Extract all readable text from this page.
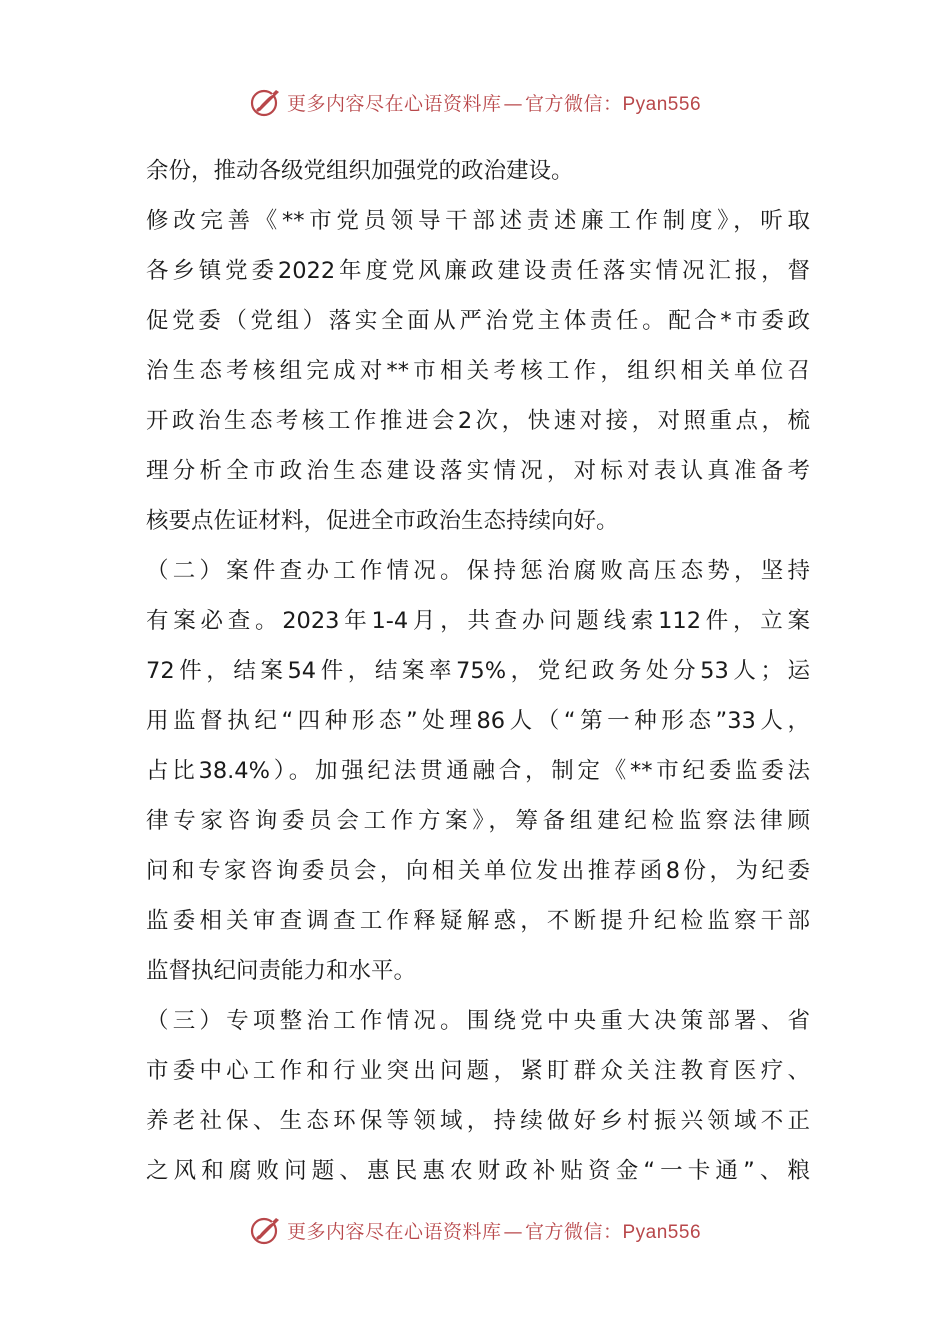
更多内容尽在心语资料库 — 官方微信：Pyan556
余份，推动各级党组织加强党的政治建设。
修改完善《**市党员领导干部述责述廉工作制度》，听取
各乡镇党委2022年度党风廉政建设责任落实情况汇报，督
促党委（党组）落实全面从严治党主体责任。配合*市委政
治生态考核组完成对**市相关考核工作，组织相关单位召
开政治生态考核工作推进会2次，快速对接，对照重点，梳
理分析全市政治生态建设落实情况，对标对表认真准备考
核要点佐证材料，促进全市政治生态持续向好。
（二）案件查办工作情况。保持惩治腐败高压态势，坚持
有案必查。2023年1-4月，共查办问题线索112件，立案
72件，结案54件，结案率75%，党纪政务处分53人；运
用监督执纪“四种形态”处理86人（“第一种形态”33人，
占比38.4%）。加强纪法贯通融合，制定《**市纪委监委法
律专家咨询委员会工作方案》，筹备组建纪检监察法律顾
问和专家咨询委员会，向相关单位发出推荐函8份，为纪委
监委相关审查调查工作释疑解惑，不断提升纪检监察干部
监督执纪问责能力和水平。
（三）专项整治工作情况。围绕党中央重大决策部署、省
市委中心工作和行业突出问题，紧盯群众关注教育医疗、
养老社保、生态环保等领域，持续做好乡村振兴领域不正
之风和腐败问题、惠民惠农财政补贴资金“一卡通”、粮
更多内容尽在心语资料库 — 官方微信：Pyan556
